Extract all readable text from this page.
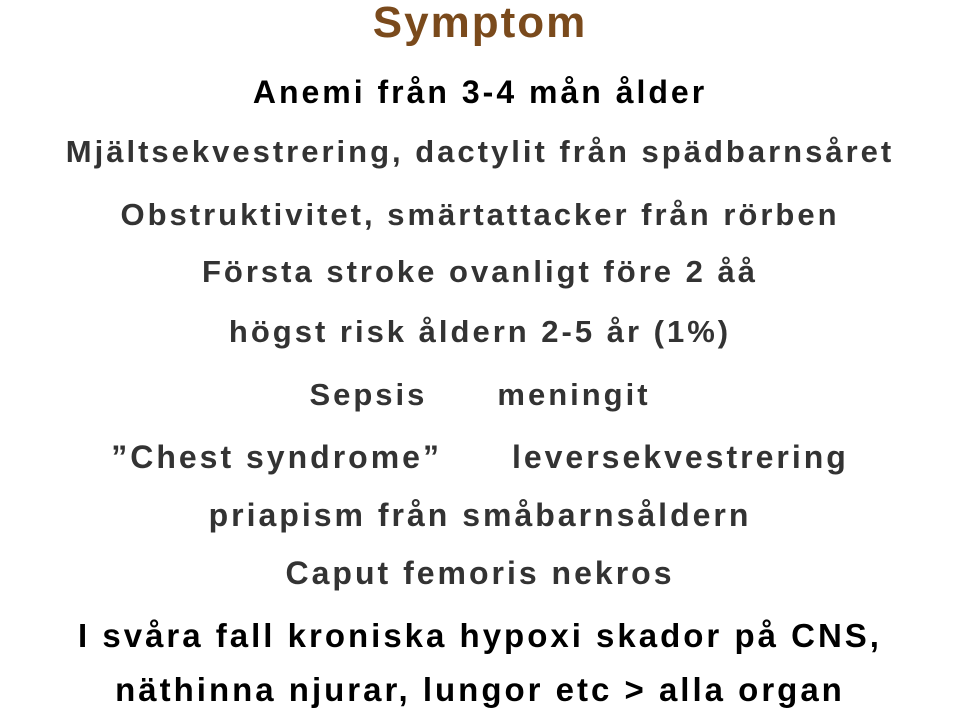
Symptom
Anemi från 3-4 mån ålder
Mjältsekvestrering, dactylit från spädbarnsåret
Obstruktivitet, smärtattacker från rörben
Första stroke ovanligt före 2 åå
högst risk åldern 2-5 år (1%)
Sepsis meningit
”Chest syndrome” leversekvestrering
priapism från småbarnsåldern
Caput femoris nekros
I svåra fall kroniska hypoxi skador på CNS,
näthinna njurar, lungor etc > alla organ
